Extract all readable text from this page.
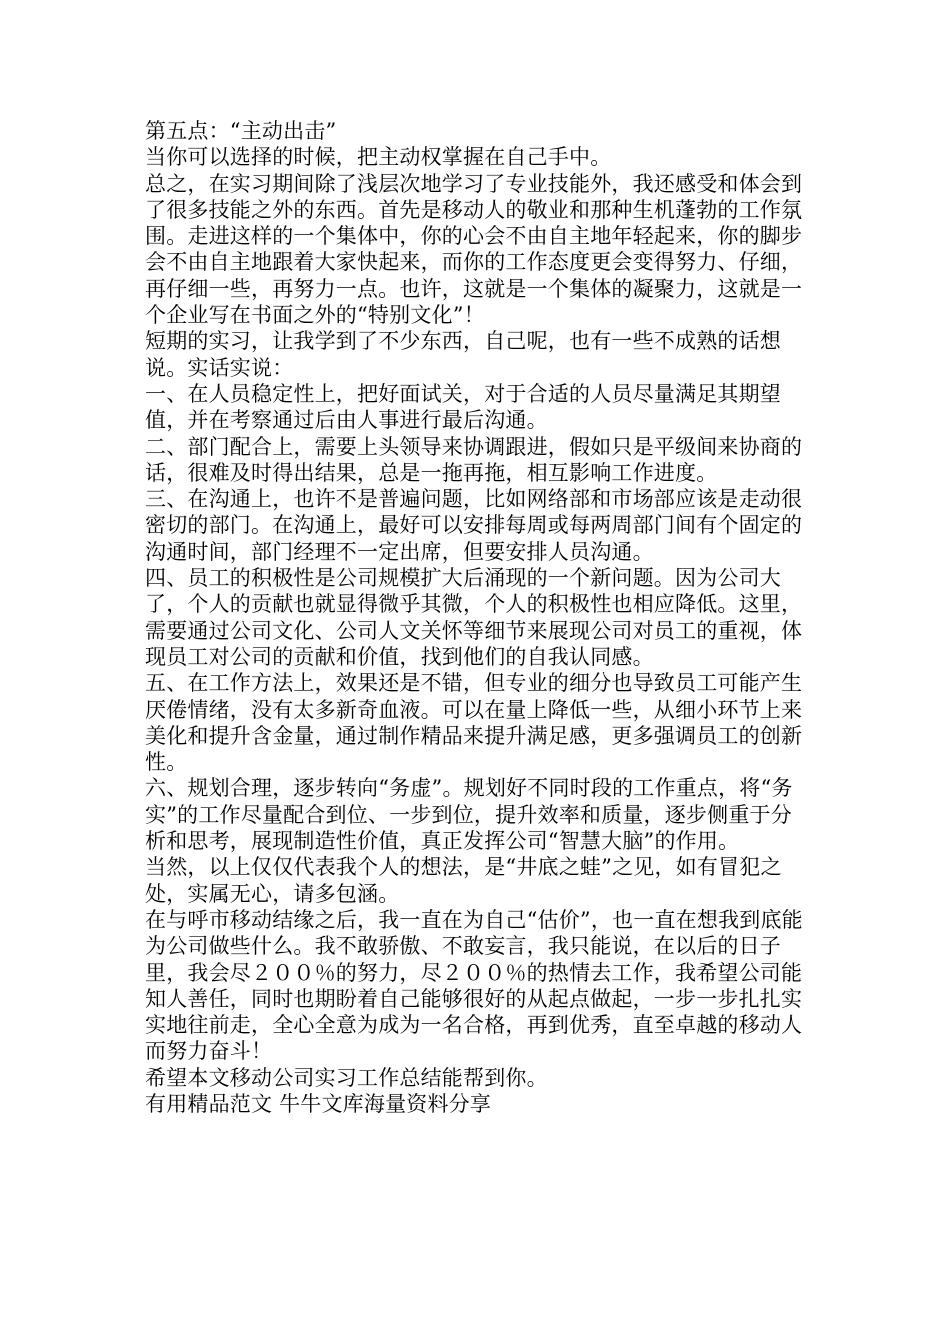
第五点：“主动出击”

当你可以选择的时候，把主动权掌握在自己手中。

总之，在实习期间除了浅层次地学习了专业技能外，我还感受和体会到了很多技能之外的东西。首先是移动人的敬业和那种生机蓬勃的工作氛围。走进这样的一个集体中，你的心会不由自主地年轻起来，你的脚步会不由自主地跟着大家快起来，而你的工作态度更会变得努力、仔细，再仔细一些，再努力一点。也许，这就是一个集体的凝聚力，这就是一个企业写在书面之外的“特别文化”！

短期的实习，让我学到了不少东西，自己呢，也有一些不成熟的话想说。实话实说：

一、在人员稳定性上，把好面试关，对于合适的人员尽量满足其期望值，并在考察通过后由人事进行最后沟通。

二、部门配合上，需要上头领导来协调跟进，假如只是平级间来协商的话，很难及时得出结果，总是一拖再拖，相互影响工作进度。

三、在沟通上，也许不是普遍问题，比如网络部和市场部应该是走动很密切的部门。在沟通上，最好可以安排每周或每两周部门间有个固定的沟通时间，部门经理不一定出席，但要安排人员沟通。

四、员工的积极性是公司规模扩大后涌现的一个新问题。因为公司大了，个人的贡献也就显得微乎其微，个人的积极性也相应降低。这里，需要通过公司文化、公司人文关怀等细节来展现公司对员工的重视，体现员工对公司的贡献和价值，找到他们的自我认同感。

五、在工作方法上，效果还是不错，但专业的细分也导致员工可能产生厌倦情绪，没有太多新奇血液。可以在量上降低一些，从细小环节上来美化和提升含金量，通过制作精品来提升满足感，更多强调员工的创新性。

六、规划合理，逐步转向“务虚”。规划好不同时段的工作重点，将“务实”的工作尽量配合到位、一步到位，提升效率和质量，逐步侧重于分析和思考，展现制造性价值，真正发挥公司“智慧大脑”的作用。

当然，以上仅仅代表我个人的想法，是“井底之蛙”之见，如有冒犯之处，实属无心，请多包涵。

在与呼市移动结缘之后，我一直在为自己“估价”，也一直在想我到底能为公司做些什么。我不敢骄傲、不敢妄言，我只能说，在以后的日子里，我会尽２００％的努力，尽２００％的热情去工作，我希望公司能知人善任，同时也期盼着自己能够很好的从起点做起，一步一步扎扎实实地往前走，全心全意为成为一名合格，再到优秀，直至卓越的移动人而努力奋斗！

希望本文移动公司实习工作总结能帮到你。

有用精品范文 牛牛文库海量资料分享
